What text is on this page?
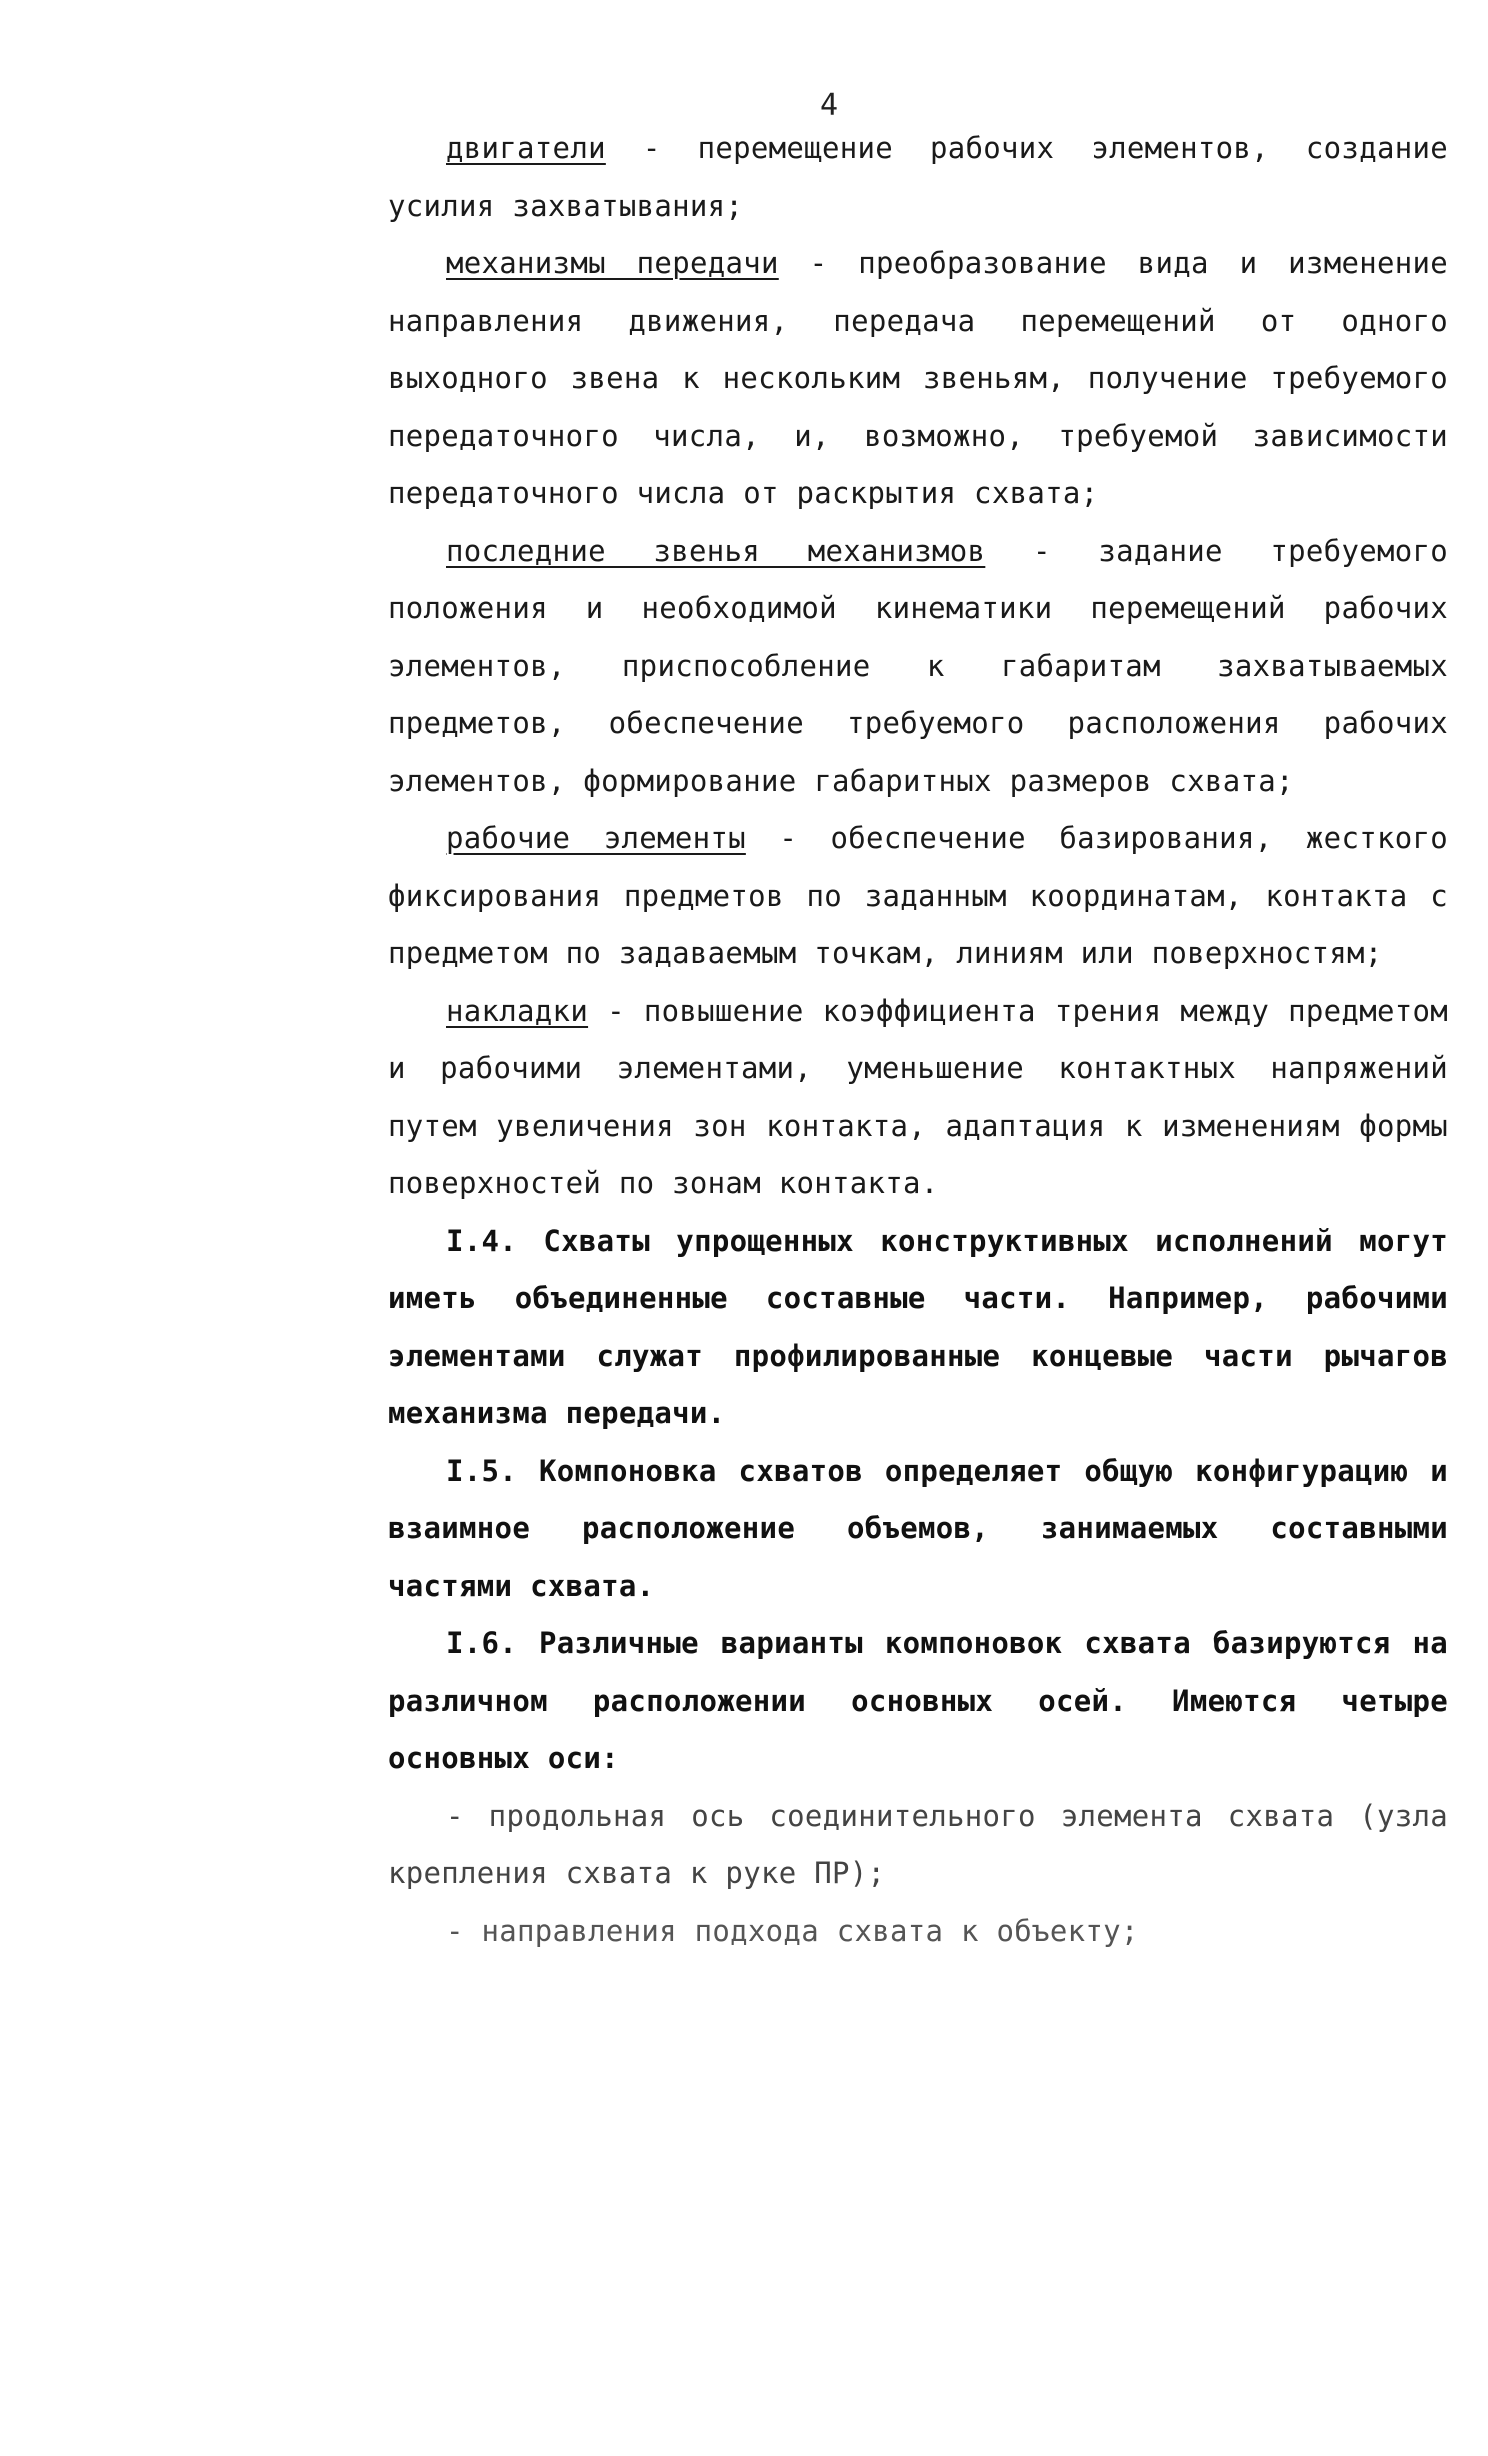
4

двигатели - перемещение рабочих элементов, создание усилия захватывания;

механизмы передачи - преобразование вида и изменение направления движения, передача перемещений от одного выходного звена к нескольким звеньям, получение требуемого передаточного числа, и, возможно, требуемой зависимости передаточного числа от раскрытия схвата;

последние звенья механизмов - задание требуемого положения и необходимой кинематики перемещений рабочих элементов, приспособление к габаритам захватываемых предметов, обеспечение требуемого расположения рабочих элементов, формирование габаритных размеров схвата;

рабочие элементы - обеспечение базирования, жесткого фиксирования предметов по заданным координатам, контакта с предметом по задаваемым точкам, линиям или поверхностям;

накладки - повышение коэффициента трения между предметом и рабочими элементами, уменьшение контактных напряжений путем увеличения зон контакта, адаптация к изменениям формы поверхностей по зонам контакта.

I.4. Схваты упрощенных конструктивных исполнений могут иметь объединенные составные части. Например, рабочими элементами служат профилированные концевые части рычагов механизма передачи.

I.5. Компоновка схватов определяет общую конфигурацию и взаимное расположение объемов, занимаемых составными частями схвата.

I.6. Различные варианты компоновок схвата базируются на различном расположении основных осей. Имеются четыре основных оси:

- продольная ось соединительного элемента схвата (узла крепления схвата к руке ПР);

- направления подхода схвата к объекту;
